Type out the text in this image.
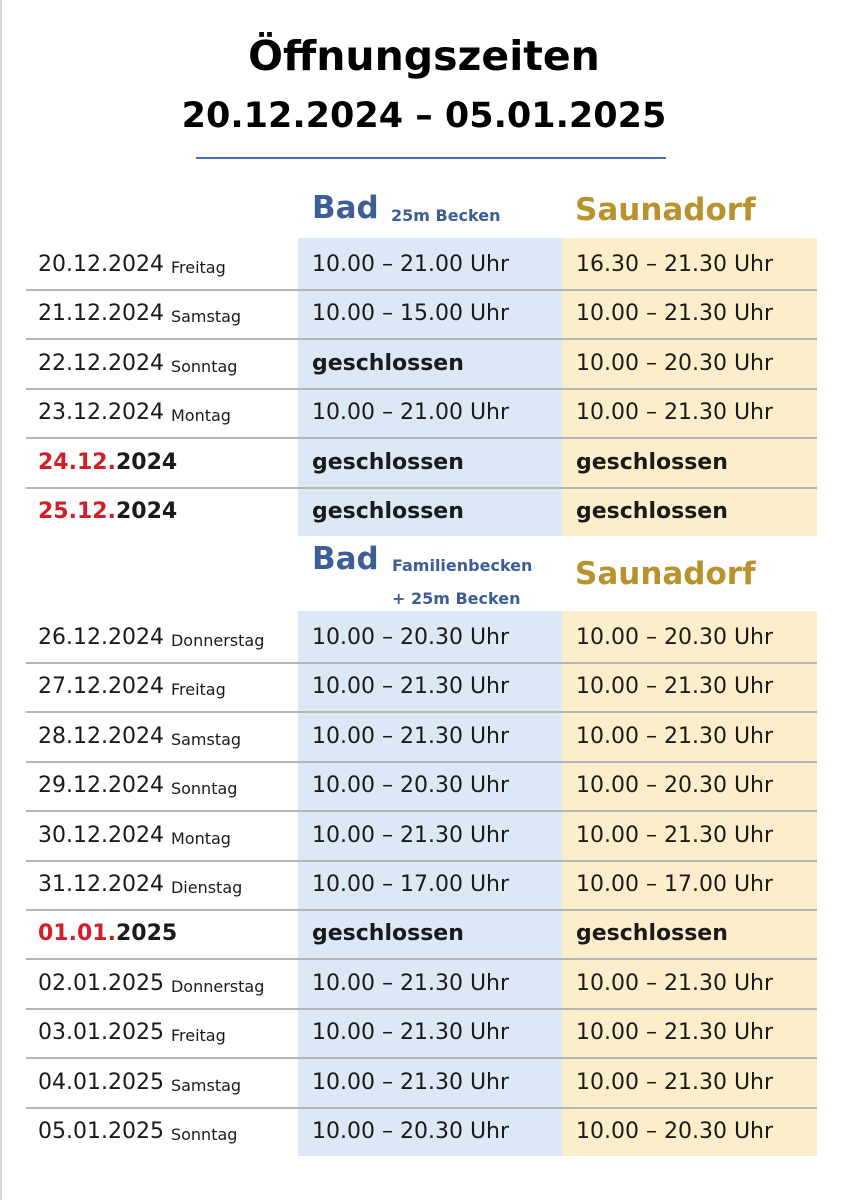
Öffnungszeiten
20.12.2024 – 05.01.2025
Bad 25m Becken Saunadorf
Bad Familienbecken
+ 25m Becken
Saunadorf
20.12.2024 Freitag	10.00 – 21.00 Uhr	16.30 – 21.30 Uhr
21.12.2024 Samstag	10.00 – 15.00 Uhr	10.00 – 21.30 Uhr
22.12.2024 Sonntag	geschlossen	10.00 – 20.30 Uhr
23.12.2024 Montag	10.00 – 21.00 Uhr	10.00 – 21.30 Uhr
24.12. 2024	geschlossen	geschlossen
25.12. 2024	geschlossen	geschlossen
26.12.2024 Donnerstag 10.00 – 20.30 Uhr	10.00 – 20.30 Uhr
27.12.2024 Freitag	10.00 – 21.30 Uhr	10.00 – 21.30 Uhr
28.12.2024 Samstag	10.00 – 21.30 Uhr	10.00 – 21.30 Uhr
29.12.2024 Sonntag	10.00 – 20.30 Uhr	10.00 – 20.30 Uhr
30.12.2024 Montag	10.00 – 21.30 Uhr	10.00 – 21.30 Uhr
31.12.2024 Dienstag	10.00 – 17.00 Uhr	10.00 – 17.00 Uhr
01.01. 2025	geschlossen	geschlossen
02.01.2025 Donnerstag 10.00 – 21.30 Uhr	10.00 – 21.30 Uhr
03.01.2025 Freitag	10.00 – 21.30 Uhr	10.00 – 21.30 Uhr
04.01.2025 Samstag	10.00 – 21.30 Uhr	10.00 – 21.30 Uhr
05.01.2025 Sonntag	10.00 – 20.30 Uhr	10.00 – 20.30 Uhr
